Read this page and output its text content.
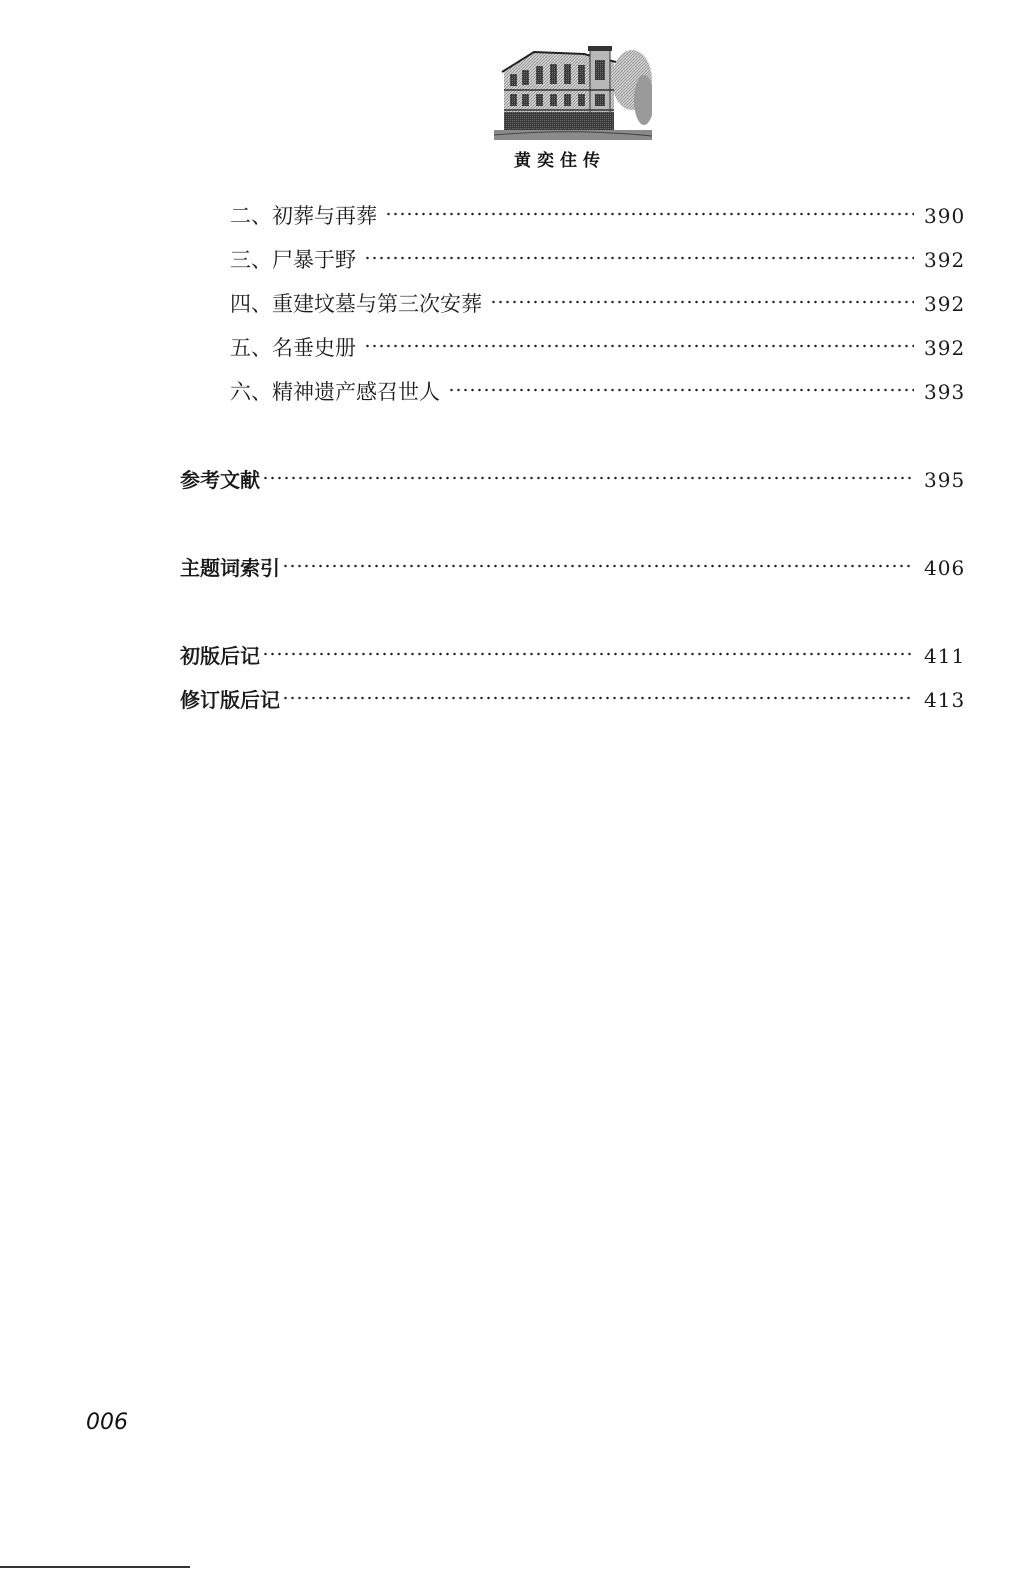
黄奕住传
二、初葬与再葬	390
三、尸暴于野	392
四、重建坟墓与第三次安葬	392
五、名垂史册	392
六、精神遗产感召世人	393
参考文献	395
主题词索引	406
初版后记	411
修订版后记	413
006
